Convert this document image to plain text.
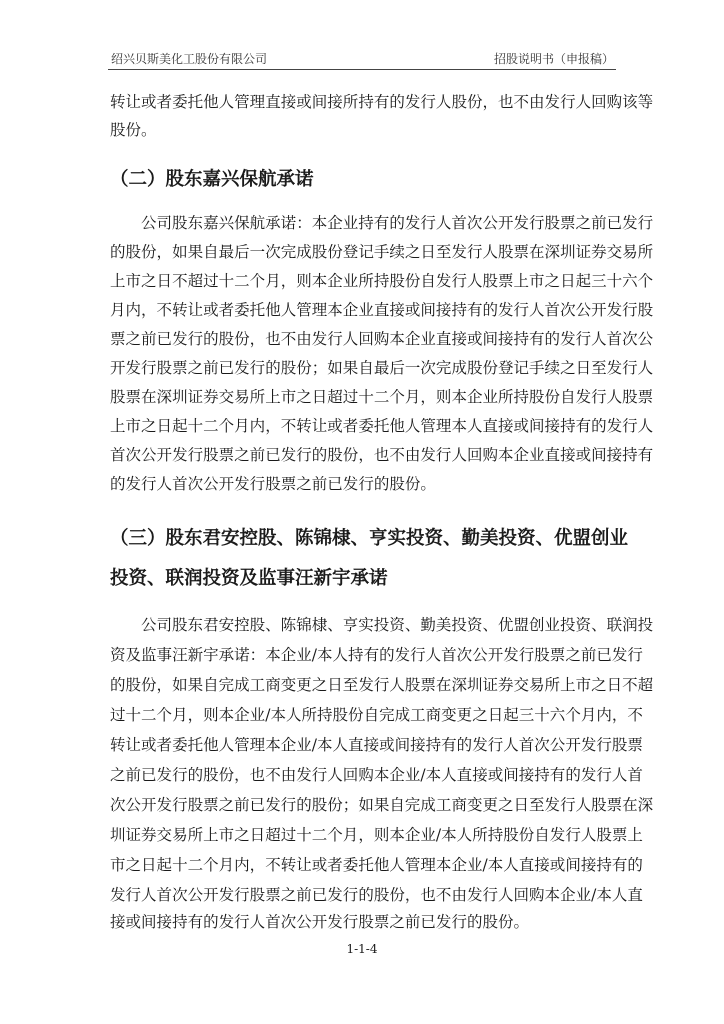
绍兴贝斯美化工股份有限公司	招股说明书（申报稿）
转让或者委托他人管理直接或间接所持有的发行人股份，也不由发行人回购该等
股份。
（二）股东嘉兴保航承诺
公司股东嘉兴保航承诺：本企业持有的发行人首次公开发行股票之前已发行
的股份，如果自最后一次完成股份登记手续之日至发行人股票在深圳证券交易所
上市之日不超过十二个月，则本企业所持股份自发行人股票上市之日起三十六个
月内，不转让或者委托他人管理本企业直接或间接持有的发行人首次公开发行股
票之前已发行的股份，也不由发行人回购本企业直接或间接持有的发行人首次公
开发行股票之前已发行的股份；如果自最后一次完成股份登记手续之日至发行人
股票在深圳证券交易所上市之日超过十二个月，则本企业所持股份自发行人股票
上市之日起十二个月内，不转让或者委托他人管理本人直接或间接持有的发行人
首次公开发行股票之前已发行的股份，也不由发行人回购本企业直接或间接持有
的发行人首次公开发行股票之前已发行的股份。
（三）股东君安控股、陈锦棣、亨实投资、勤美投资、优盟创业
投资、联润投资及监事汪新宇承诺
公司股东君安控股、陈锦棣、亨实投资、勤美投资、优盟创业投资、联润投
资及监事汪新宇承诺：本企业/本人持有的发行人首次公开发行股票之前已发行
的股份，如果自完成工商变更之日至发行人股票在深圳证券交易所上市之日不超
过十二个月，则本企业/本人所持股份自完成工商变更之日起三十六个月内，不
转让或者委托他人管理本企业/本人直接或间接持有的发行人首次公开发行股票
之前已发行的股份，也不由发行人回购本企业/本人直接或间接持有的发行人首
次公开发行股票之前已发行的股份；如果自完成工商变更之日至发行人股票在深
圳证券交易所上市之日超过十二个月，则本企业/本人所持股份自发行人股票上
市之日起十二个月内，不转让或者委托他人管理本企业/本人直接或间接持有的
发行人首次公开发行股票之前已发行的股份，也不由发行人回购本企业/本人直
接或间接持有的发行人首次公开发行股票之前已发行的股份。
1-1-4
